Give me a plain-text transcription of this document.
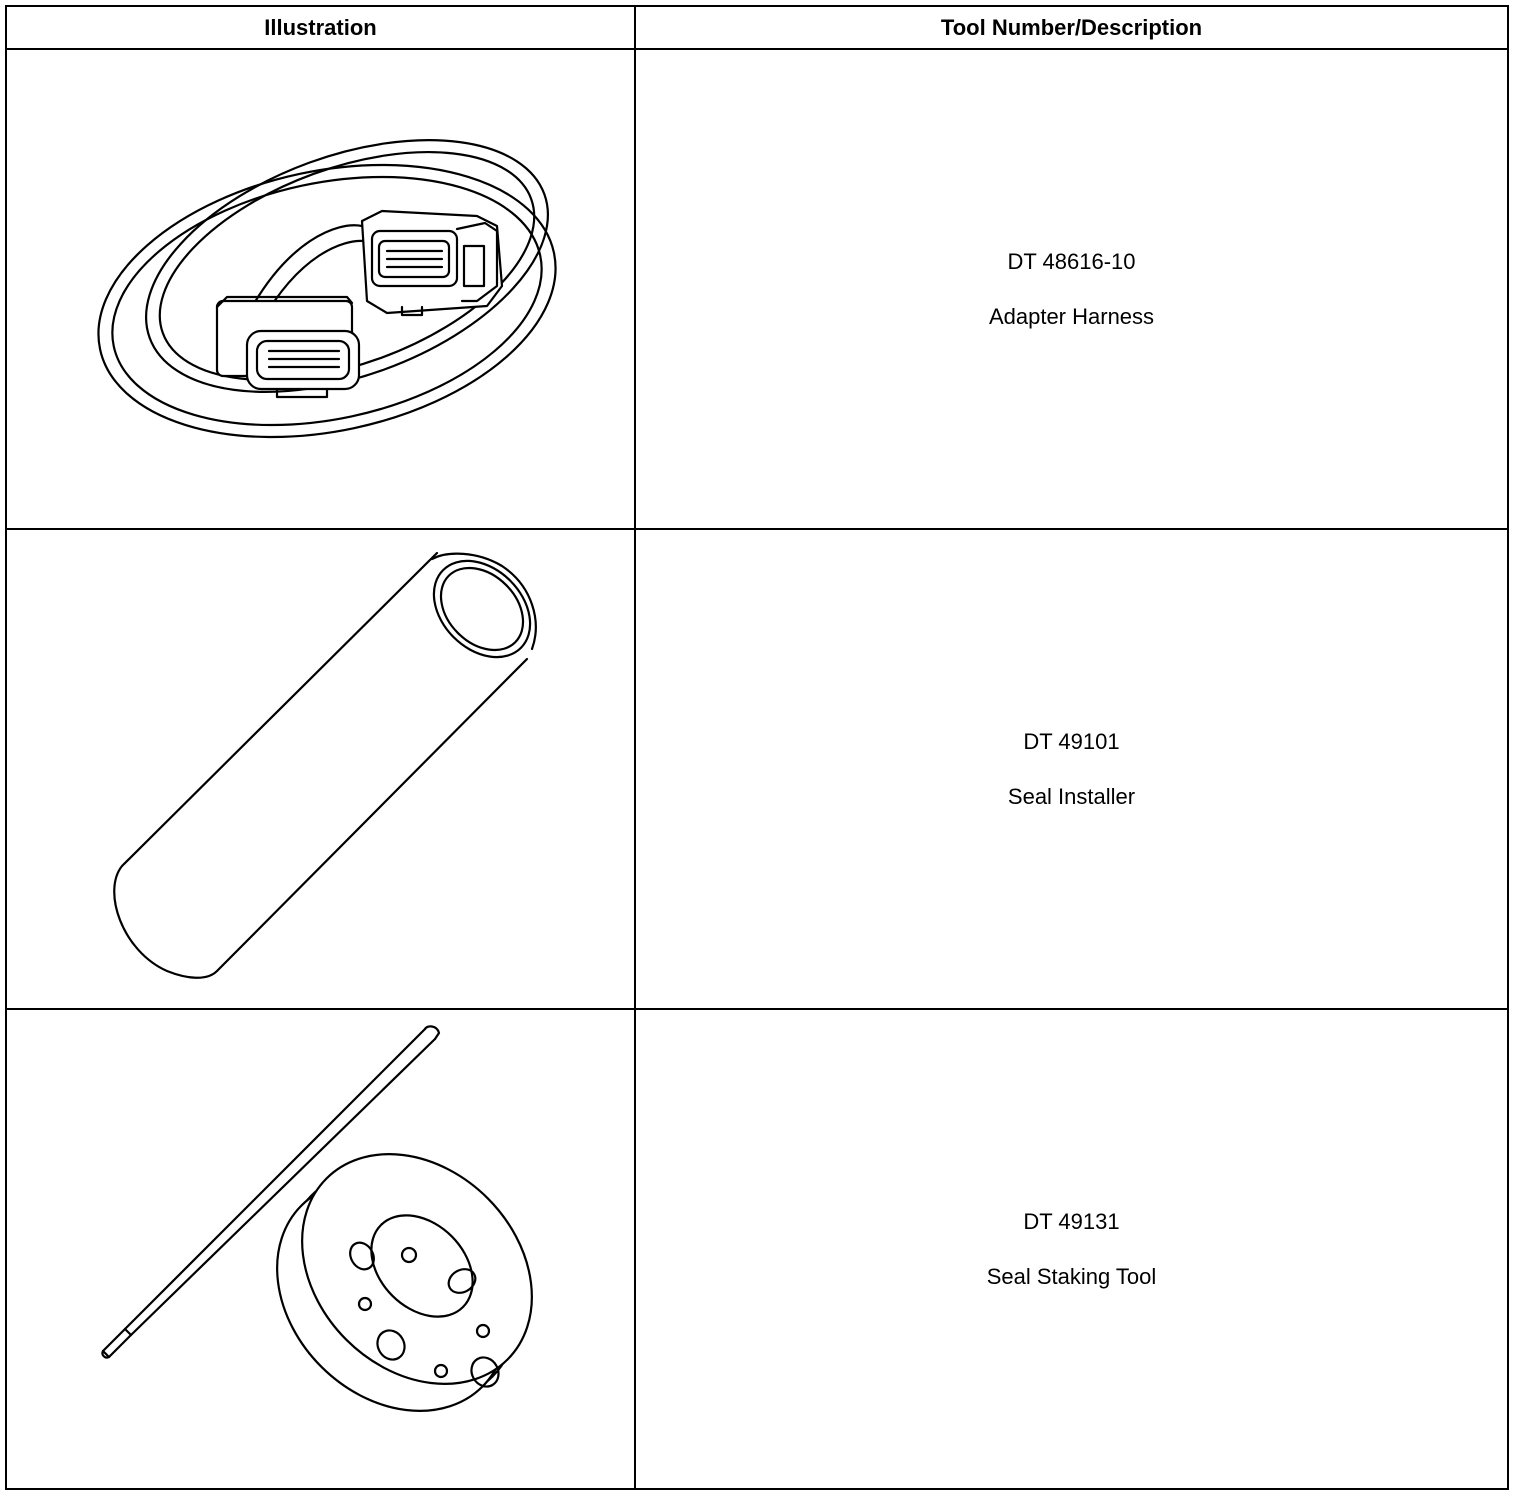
Illustration	Tool Number/Description

DT 48616-10
Adapter Harness

DT 49101
Seal Installer

DT 49131
Seal Staking Tool
